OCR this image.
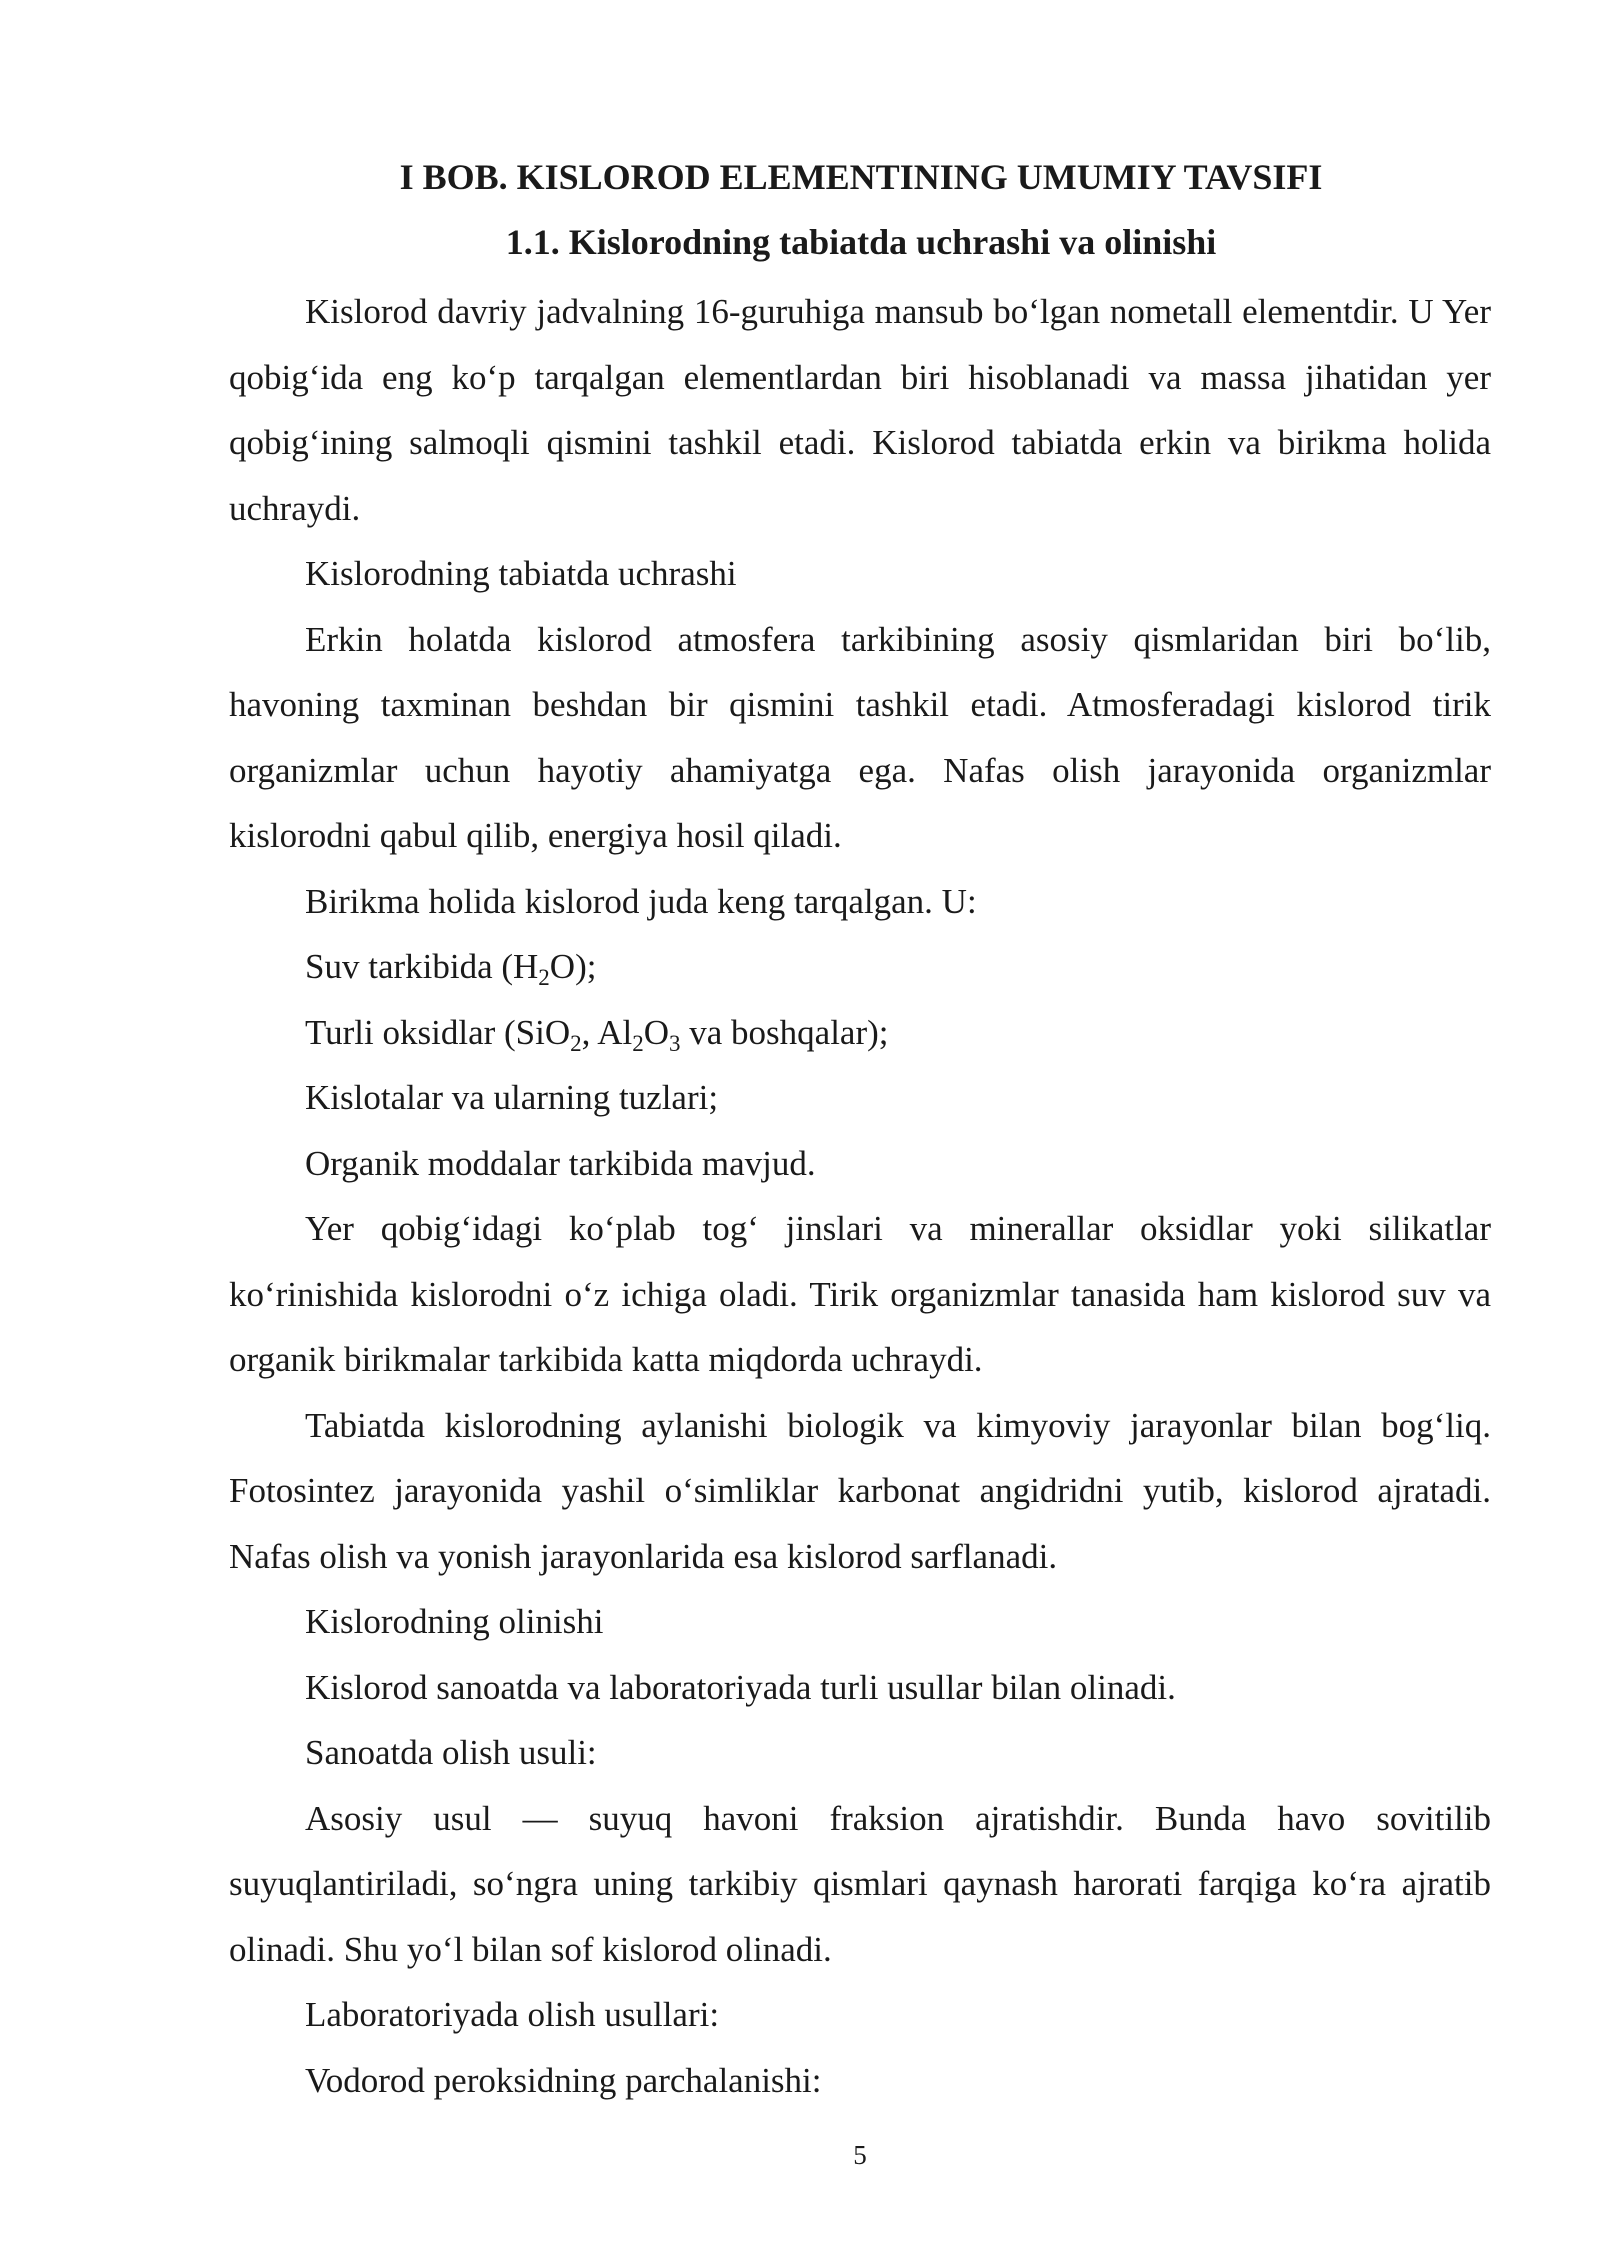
I BOB. KISLOROD ELEMENTINING UMUMIY TAVSIFI
1.1. Kislorodning tabiatda uchrashi va olinishi

Kislorod davriy jadvalning 16-guruhiga mansub bo‘lgan nometall elementdir. U Yer qobig‘ida eng ko‘p tarqalgan elementlardan biri hisoblanadi va massa jihatidan yer qobig‘ining salmoqli qismini tashkil etadi. Kislorod tabiatda erkin va birikma holida uchraydi.

Kislorodning tabiatda uchrashi

Erkin holatda kislorod atmosfera tarkibining asosiy qismlaridan biri bo‘lib, havoning taxminan beshdan bir qismini tashkil etadi. Atmosferadagi kislorod tirik organizmlar uchun hayotiy ahamiyatga ega. Nafas olish jarayonida organizmlar kislorodni qabul qilib, energiya hosil qiladi.

Birikma holida kislorod juda keng tarqalgan. U:

Suv tarkibida $(H_2O)$;

Turli oksidlar (SiO$_2$, $Al_2O_3$ va boshqalar);

Kislotalar va ularning tuzlari;

Organik moddalar tarkibida mavjud.

Yer qobig‘idagi ko‘plab tog‘ jinslari va minerallar oksidlar yoki silikatlar ko‘rinishida kislorodni o‘z ichiga oladi. Tirik organizmlar tanasida ham kislorod suv va organik birikmalar tarkibida katta miqdorda uchraydi.

Tabiatda kislorodning aylanishi biologik va kimyoviy jarayonlar bilan bog‘liq. Fotosintez jarayonida yashil o‘simliklar karbonat angidridni yutib, kislorod ajratadi. Nafas olish va yonish jarayonlarida esa kislorod sarflanadi.

Kislorodning olinishi

Kislorod sanoatda va laboratoriyada turli usullar bilan olinadi.

Sanoatda olish usuli:

Asosiy usul — suyuq havoni fraksion ajratishdir. Bunda havo sovitilib suyuqlantiriladi, so‘ngra uning tarkibiy qismlari qaynash harorati farqiga ko‘ra ajratib olinadi. Shu yo‘l bilan sof kislorod olinadi.

Laboratoriyada olish usullari:

Vodorod peroksidning parchalanishi:

5
